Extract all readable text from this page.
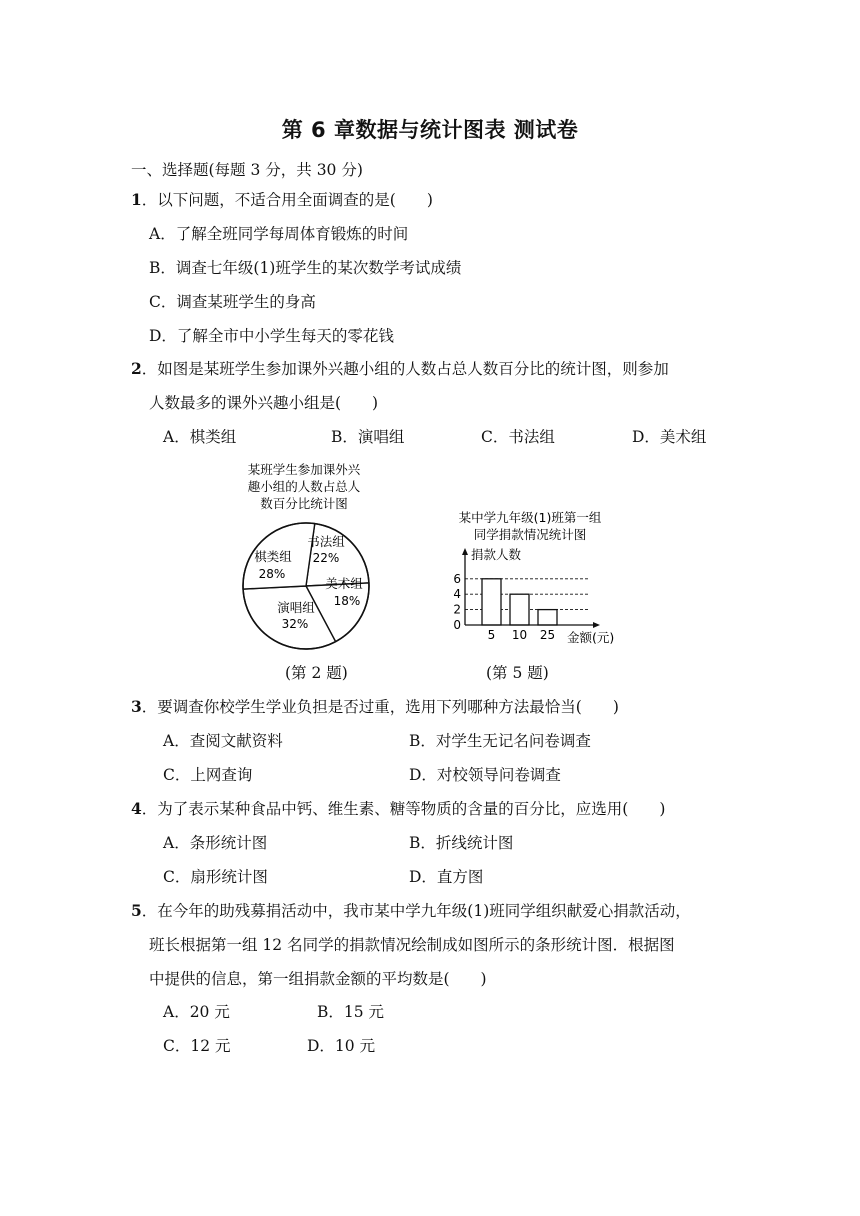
第 6 章数据与统计图表 测试卷
一、选择题(每题 3 分，共 30 分)
1．以下问题，不适合用全面调查的是(　　)
A．了解全班同学每周体育锻炼的时间
B．调查七年级(1)班学生的某次数学考试成绩
C．调查某班学生的身高
D．了解全市中小学生每天的零花钱
2．如图是某班学生参加课外兴趣小组的人数占总人数百分比的统计图，则参加
人数最多的课外兴趣小组是(　　)
A．棋类组	B．演唱组	C．书法组	D．美术组
某班学生参加课外兴
趣小组的人数占总人
数百分比统计图
书法组
22%
美术组
18%
演唱组
32%
棋类组
28%
某中学九年级(1)班第一组
同学捐款情况统计图
捐款人数
金额(元)
0
2
4
6
5 10 25
(第 2 题)	(第 5 题)
3．要调查你校学生学业负担是否过重，选用下列哪种方法最恰当(　　)
A．查阅文献资料	B．对学生无记名问卷调查
C．上网查询	D．对校领导问卷调查
4．为了表示某种食品中钙、维生素、糖等物质的含量的百分比，应选用(　　)
A．条形统计图	B．折线统计图
C．扇形统计图	D．直方图
5．在今年的助残募捐活动中，我市某中学九年级(1)班同学组织献爱心捐款活动，
班长根据第一组 12 名同学的捐款情况绘制成如图所示的条形统计图．根据图
中提供的信息，第一组捐款金额的平均数是(　　)
A．20 元	B．15 元
C．12 元	D．10 元
